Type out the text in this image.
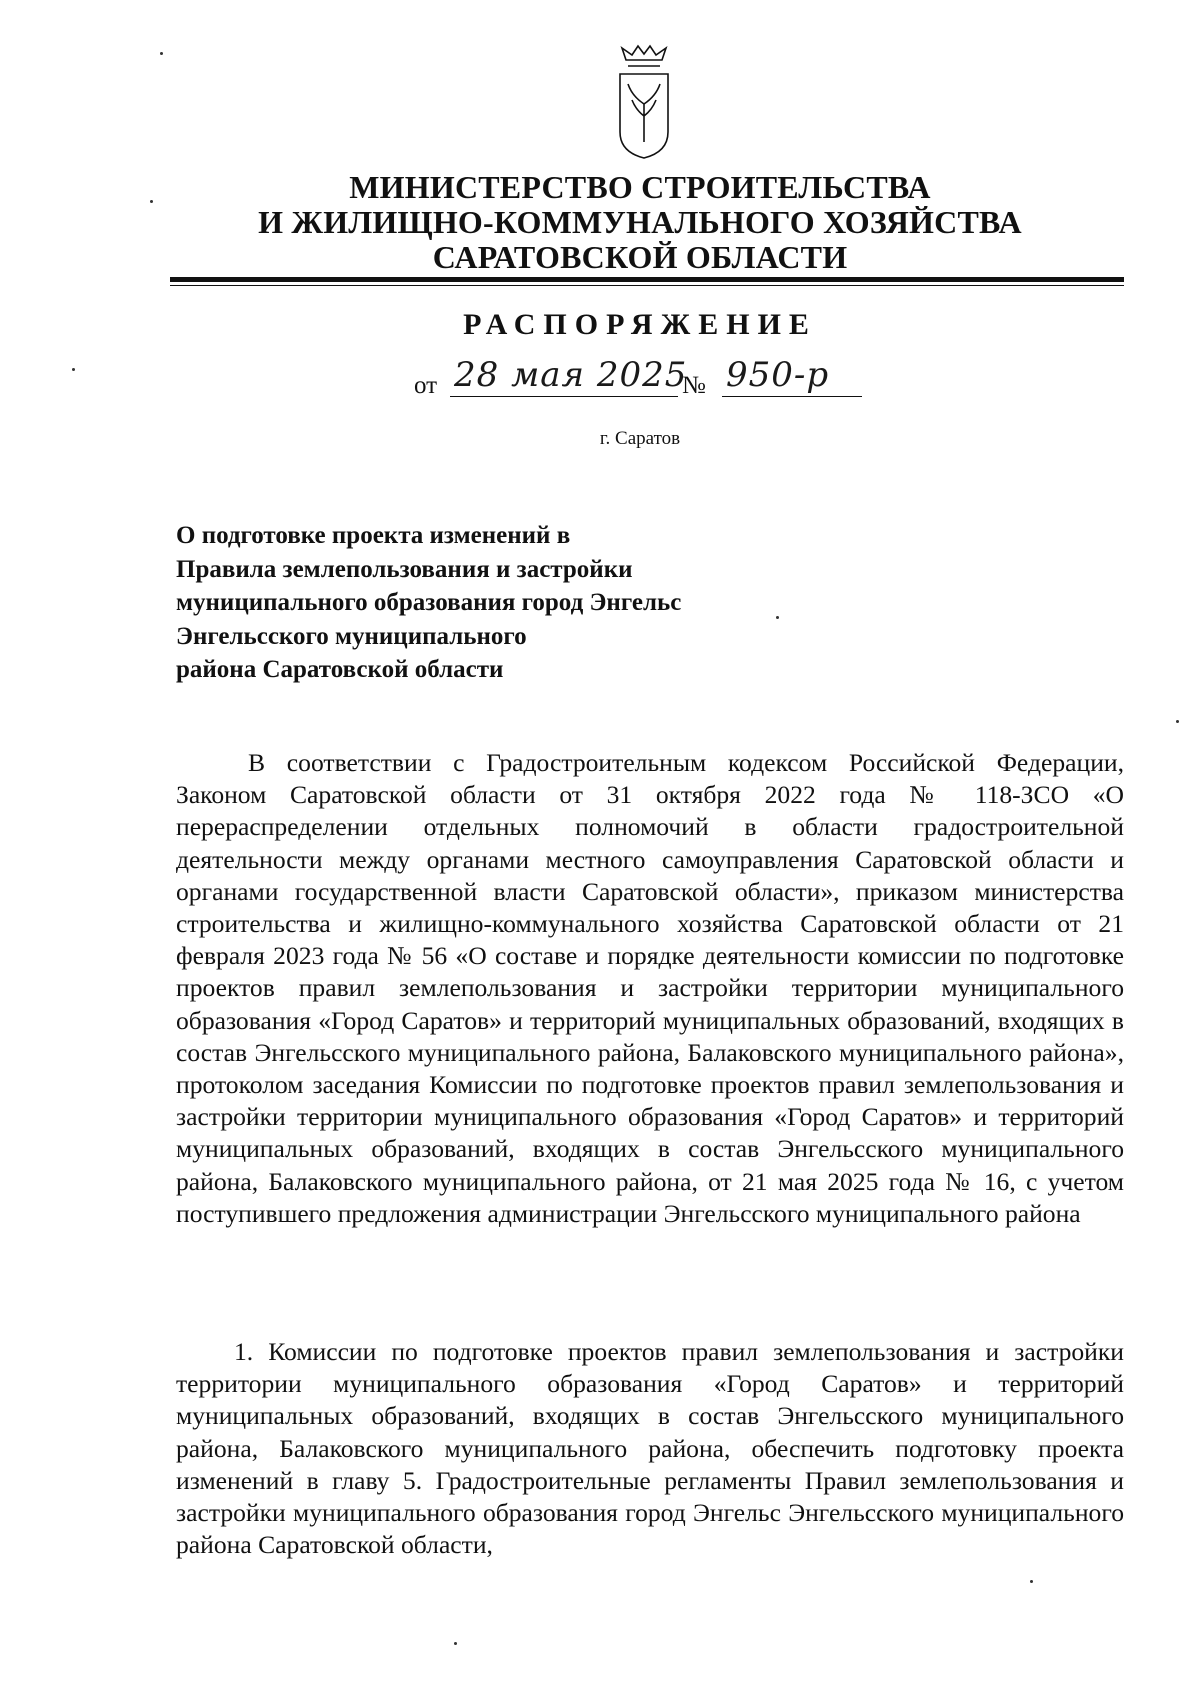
МИНИСТЕРСТВО СТРОИТЕЛЬСТВА
И ЖИЛИЩНО-КОММУНАЛЬНОГО ХОЗЯЙСТВА
САРАТОВСКОЙ ОБЛАСТИ
РАСПОРЯЖЕНИЕ
от 28 мая 2025
№ 950-р
г. Саратов
О подготовке проекта изменений в
Правила землепользования и застройки
муниципального образования город Энгельс
Энгельсского муниципального
района Саратовской области

В соответствии с Градостроительным кодексом Российской Федерации, Законом Саратовской области от 31 октября 2022 года № 118-ЗСО «О перераспределении отдельных полномочий в области градостроительной деятельности между органами местного самоуправления Саратовской области и органами государственной власти Саратовской области», приказом министерства строительства и жилищно-коммунального хозяйства Саратовской области от 21 февраля 2023 года № 56 «О составе и порядке деятельности комиссии по подготовке проектов правил землепользования и застройки территории муниципального образования «Город Саратов» и территорий муниципальных образований, входящих в состав Энгельсского муниципального района, Балаковского муниципального района», протоколом заседания Комиссии по подготовке проектов правил землепользования и застройки территории муниципального образования «Город Саратов» и территорий муниципальных образований, входящих в состав Энгельсского муниципального района, Балаковского муниципального района, от 21 мая 2025 года № 16, с учетом поступившего предложения администрации Энгельсского муниципального района

1. Комиссии по подготовке проектов правил землепользования и застройки территории муниципального образования «Город Саратов» и территорий муниципальных образований, входящих в состав Энгельсского муниципального района, Балаковского муниципального района, обеспечить подготовку проекта изменений в главу 5. Градостроительные регламенты Правил землепользования и застройки муниципального образования город Энгельс Энгельсского муниципального района Саратовской области,
